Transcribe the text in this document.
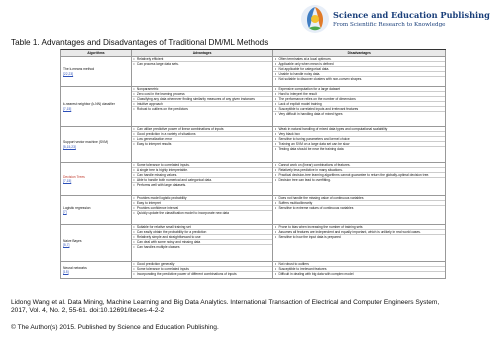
Science and Education Publishing
From Scientific Research to Knowledge
Table 1. Advantages and Disadvantages of Traditional DM/ML Methods
Algorithms	Advantages	Disadvantages
The k-means method
[22,23]
• Relatively efficient
• Can process large data sets.
• Often terminates at a local optimum.
• Applicable only when mean is defined
• Not applicable for categorical data.
• Unable to handle noisy data.
• Not suitable to discover clusters with non-convex shapes.
k-nearest neighbor (k-NN) classifier
[7,15]
• Nonparametric
• Zero cost in the learning process
• Classifying any data whenever finding similarity measures of any given instances
• Intuitive approach
• Robust to outliers on the predictors
• Expensive computation for a large dataset
• Hard to interpret the result
• The performance relies on the number of dimensions
• Lack of explicit model training
• Susceptible to correlated inputs and irrelevant features
• Very difficult in handling data of mixed types
Support vector machine (SVM)
[5,15,23]
• Can utilize predictive power of linear combinations of inputs
• Good prediction in a variety of situations
• Low generalization error
• Easy to interpret results
• Weak in natural handling of mixed data types and computational scalability
• Very black box
• Sensitive to tuning parameters and kernel choice
• Training an SVM on a large data set can be slow
• Testing data should be near the training data
Decision Trees
[7,15]
• Some tolerance to correlated inputs.
• A single tree is highly interpretable.
• Can handle missing values.
• Able to handle both numerical and categorical data.
• Performs well with large datasets.
• Cannot work on (linear) combinations of features.
• Relatively less predictive in many situations.
• Practical decision-tree learning algorithms cannot guarantee to return the globally-optimal decision tree.
• Decision tree can lead to overfitting.
Logistic regression
[7]
• Provides model logistic probability
• Easy to interpret
• Provides confidence interval
• Quickly update the classification model to incorporate new data
• Does not handle the missing value of continuous variables
• Suffers multicollinearity
• Sensitive to extreme values of continuous variables
Naive Bayes
[5,7]
• Suitable for relative small training set
• Can easily obtain the probability for a prediction
• Relatively simple and straightforward to use
• Can deal with some noisy and missing data
• Can handles multiple classes
• Prone to bias when increasing the number of training sets
• Assumes all features are independent and equally important, which is unlikely in real world cases.
• Sensitive to how the input data is prepared
Neural networks
[15]
• Good prediction generally
• Some tolerance to correlated inputs
• Incorporating the predictive power of different combinations of inputs
• Not robust to outliers
• Susceptible to irrelevant features
• Difficult in dealing with big data with complex model
Lidong Wang et al. Data Mining, Machine Learning and Big Data Analytics. International Transaction of Electrical and Computer Engineers System, 2017, Vol. 4, No. 2, 55-61. doi:10.12691/iteces-4-2-2
© The Author(s) 2015. Published by Science and Education Publishing.
